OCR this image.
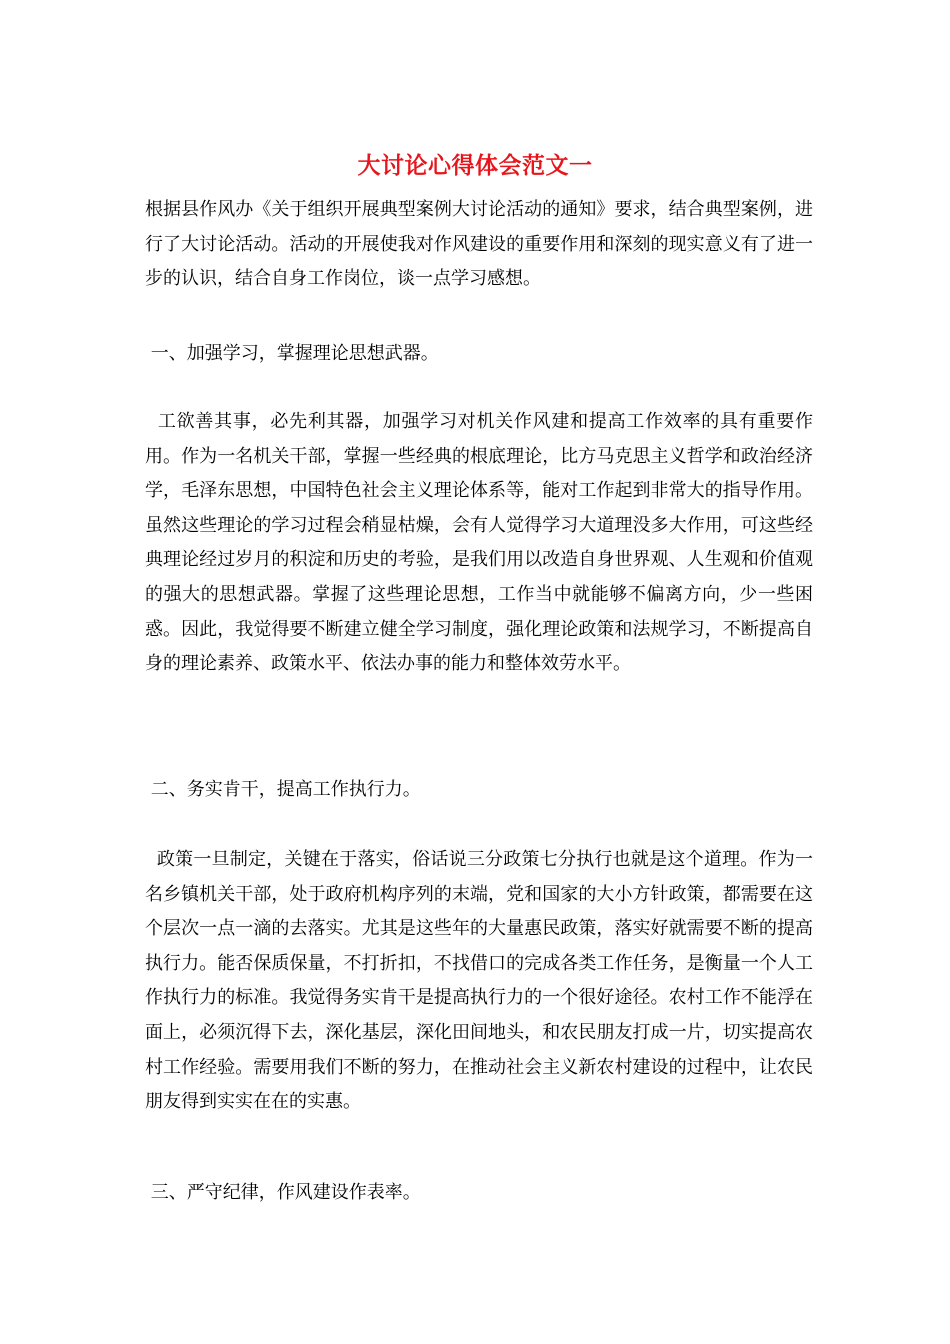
大讨论心得体会范文一

根据县作风办《关于组织开展典型案例大讨论活动的通知》要求，结合典型案例，进行了大讨论活动。活动的开展使我对作风建设的重要作用和深刻的现实意义有了进一步的认识，结合自身工作岗位，谈一点学习感想。

一、加强学习，掌握理论思想武器。

工欲善其事，必先利其器，加强学习对机关作风建和提高工作效率的具有重要作用。作为一名机关干部，掌握一些经典的根底理论，比方马克思主义哲学和政治经济学，毛泽东思想，中国特色社会主义理论体系等，能对工作起到非常大的指导作用。虽然这些理论的学习过程会稍显枯燥，会有人觉得学习大道理没多大作用，可这些经典理论经过岁月的积淀和历史的考验，是我们用以改造自身世界观、人生观和价值观的强大的思想武器。掌握了这些理论思想，工作当中就能够不偏离方向，少一些困惑。因此，我觉得要不断建立健全学习制度，强化理论政策和法规学习，不断提高自身的理论素养、政策水平、依法办事的能力和整体效劳水平。

二、务实肯干，提高工作执行力。

政策一旦制定，关键在于落实，俗话说三分政策七分执行也就是这个道理。作为一名乡镇机关干部，处于政府机构序列的末端，党和国家的大小方针政策，都需要在这个层次一点一滴的去落实。尤其是这些年的大量惠民政策，落实好就需要不断的提高执行力。能否保质保量，不打折扣，不找借口的完成各类工作任务，是衡量一个人工作执行力的标准。我觉得务实肯干是提高执行力的一个很好途径。农村工作不能浮在面上，必须沉得下去，深化基层，深化田间地头，和农民朋友打成一片，切实提高农村工作经验。需要用我们不断的努力，在推动社会主义新农村建设的过程中，让农民朋友得到实实在在的实惠。

三、严守纪律，作风建设作表率。
